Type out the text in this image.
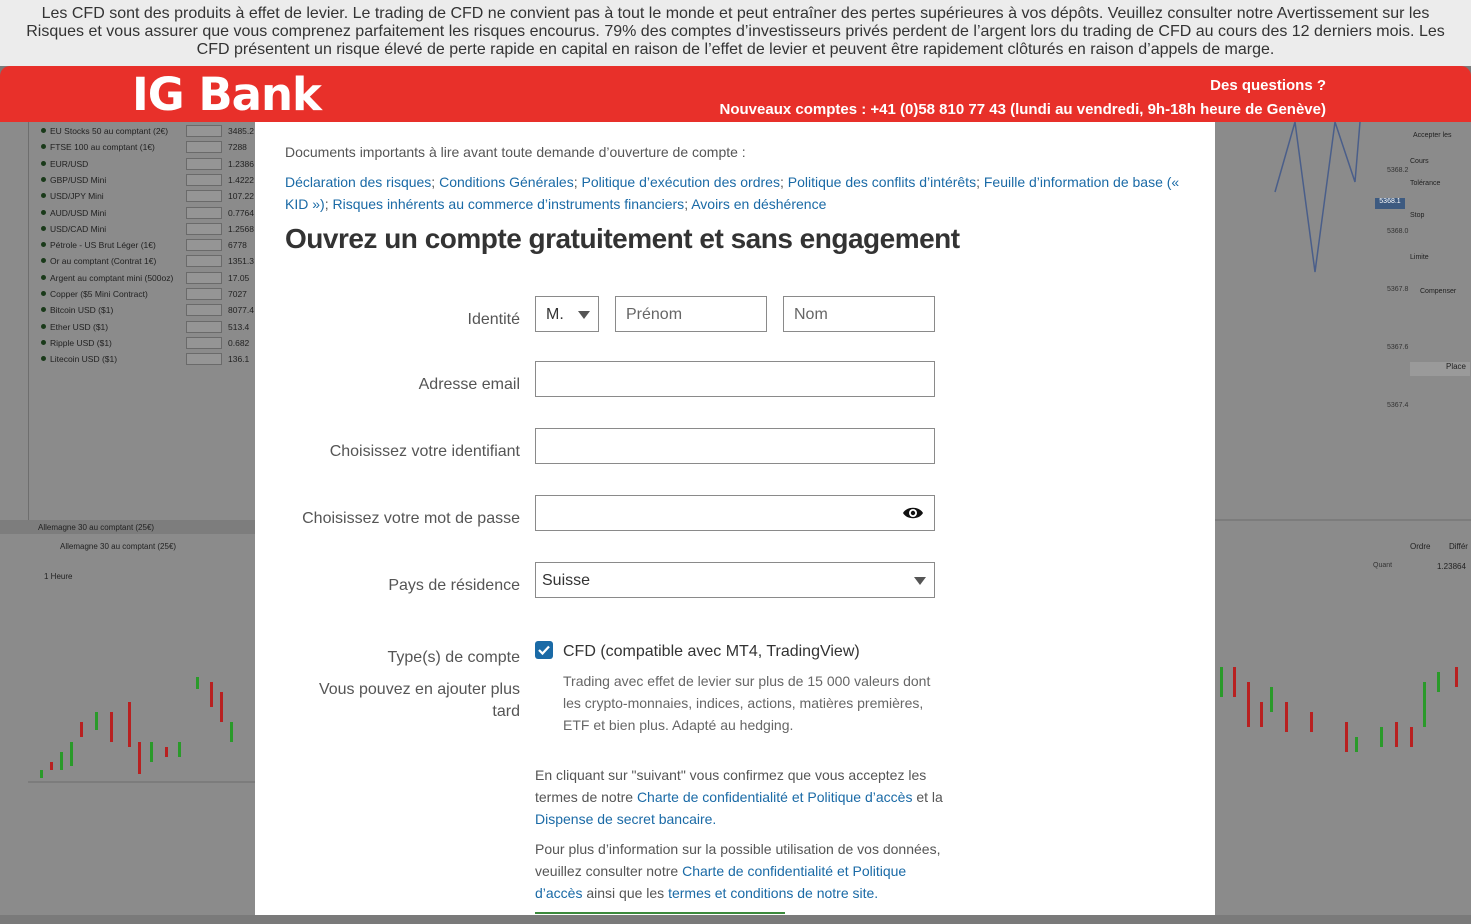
Les CFD sont des produits à effet de levier. Le trading de CFD ne convient pas à tout le monde et peut entraîner des pertes supérieures à vos dépôts. Veuillez consulter notre Avertissement sur les Risques et vous assurer que vous comprenez parfaitement les risques encourus. 79% des comptes d’investisseurs privés perdent de l’argent lors du trading de CFD au cours des 12 derniers mois. Les CFD présentent un risque élevé de perte rapide en capital en raison de l’effet de levier et peuvent être rapidement clôturés en raison d’appels de marge.
IG Bank	Des questions ?
Nouveaux comptes : +41 (0)58 810 77 43 (lundi au vendredi, 9h-18h heure de Genève)
EU Stocks 50 au comptant (2€)	3485.2
FTSE 100 au comptant (1€)	7288
EUR/USD	1.2386
GBP/USD Mini	1.4222
USD/JPY Mini	107.22
AUD/USD Mini	0.7764
USD/CAD Mini	1.2568
Pétrole - US Brut Léger (1€)	6778
Or au comptant (Contrat 1€)	1351.3
Argent au comptant mini (500oz)	17.05
Copper ($5 Mini Contract)	7027
Bitcoin USD ($1)	8077.4
Ether USD ($1)	513.4
Ripple USD ($1)	0.682
Litecoin USD ($1)	136.1
Allemagne 30 au comptant (25€)
Allemagne 30 au comptant (25€)
1 Heure
5368.2
5368.1
5368.0
5367.8
5367.6
5367.4
Accepter les
Cours
Tolérance
Stop
Limite
Compenser
Place
Ordre Différ
Quant	1.23864
Documents importants à lire avant toute demande d’ouverture de compte :
Déclaration des risques; Conditions Générales; Politique d’exécution des ordres; Politique des conflits d’intérêts; Feuille d’information de base (« KID »); Risques inhérents au commerce d’instruments financiers; Avoirs en déshérence
Ouvrez un compte gratuitement et sans engagement
Identité M.	Prénom	Nom
Adresse email
Choisissez votre identifiant
Choisissez votre mot de passe
Pays de résidence Suisse
Type(s) de compte
Vous pouvez en ajouter plus tard
CFD (compatible avec MT4, TradingView)
Trading avec effet de levier sur plus de 15 000 valeurs dont les crypto-monnaies, indices, actions, matières premières, ETF et bien plus. Adapté au hedging.
En cliquant sur "suivant" vous confirmez que vous acceptez les termes de notre Charte de confidentialité et Politique d’accès et la Dispense de secret bancaire.
Pour plus d’information sur la possible utilisation de vos données, veuillez consulter notre Charte de confidentialité et Politique d’accès ainsi que les termes et conditions de notre site.
